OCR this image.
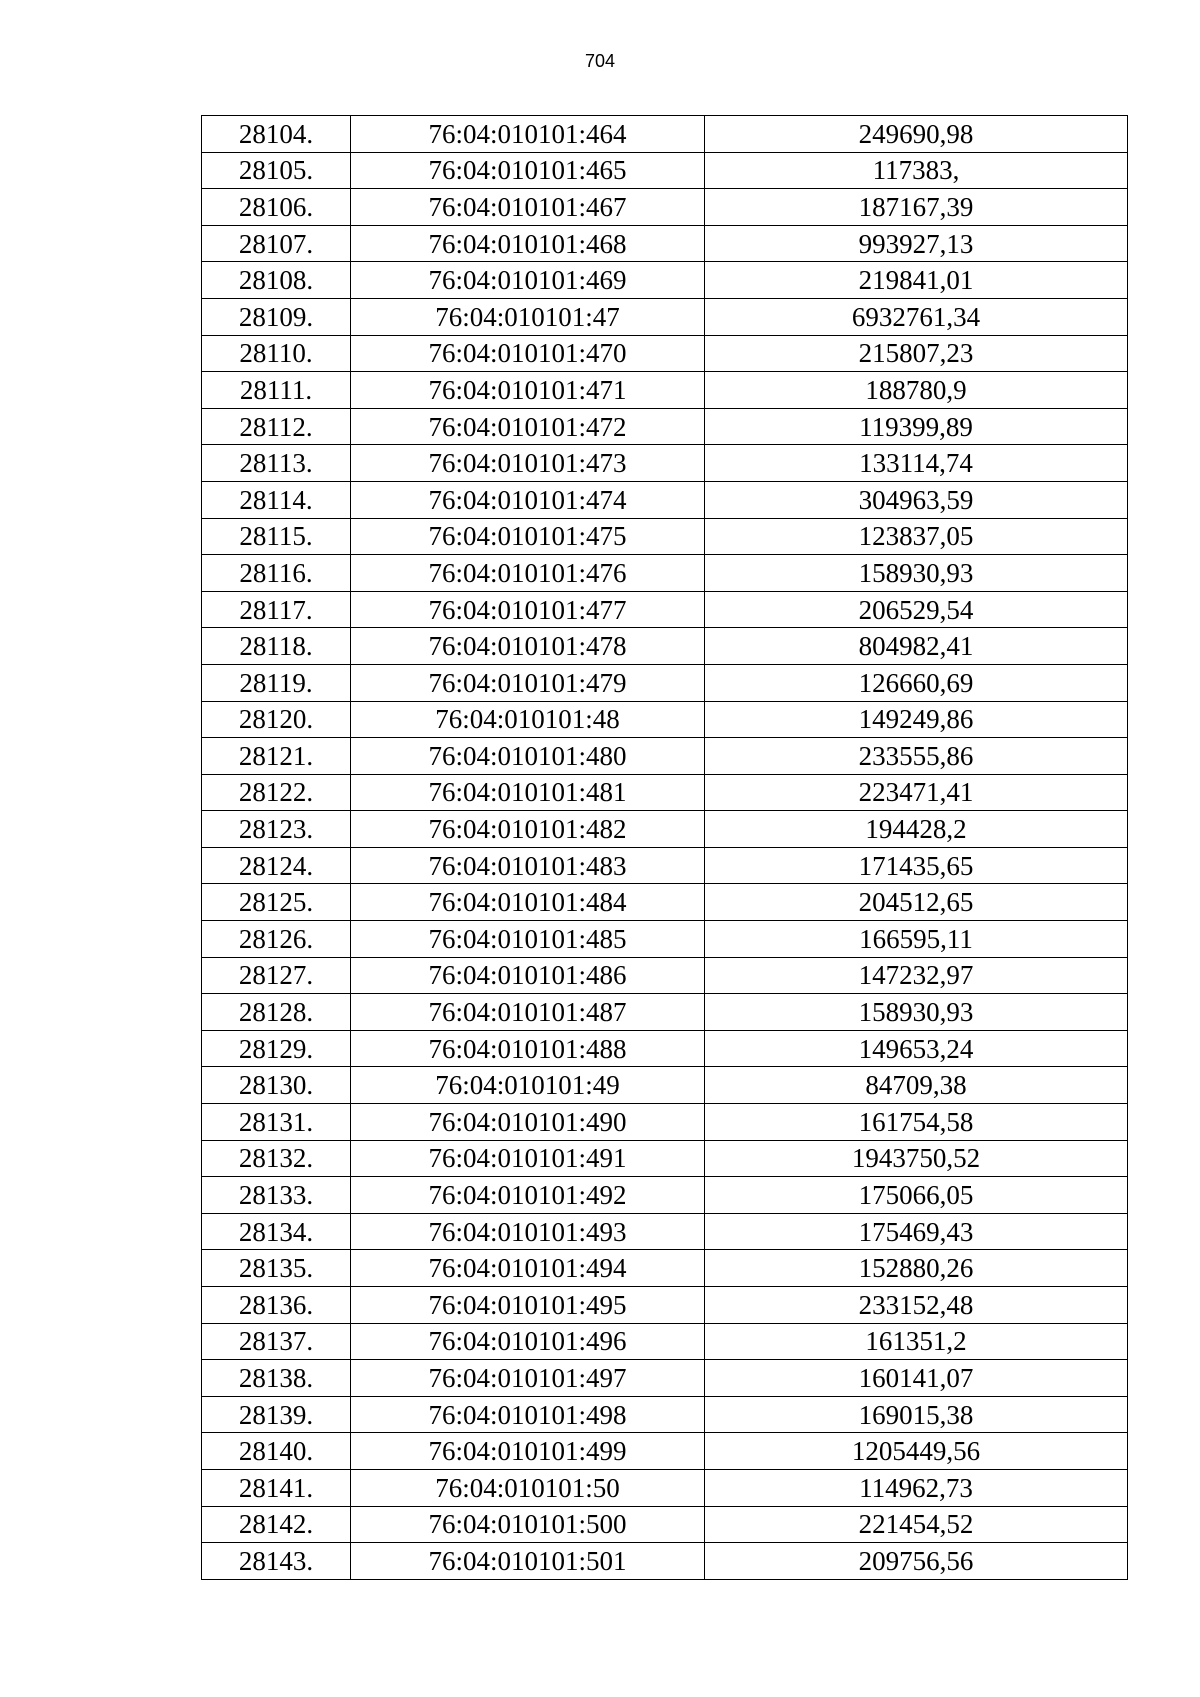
704
28104.	76:04:010101:464	249690,98
28105.	76:04:010101:465	117383,
28106.	76:04:010101:467	187167,39
28107.	76:04:010101:468	993927,13
28108.	76:04:010101:469	219841,01
28109.	76:04:010101:47	6932761,34
28110.	76:04:010101:470	215807,23
28111.	76:04:010101:471	188780,9
28112.	76:04:010101:472	119399,89
28113.	76:04:010101:473	133114,74
28114.	76:04:010101:474	304963,59
28115.	76:04:010101:475	123837,05
28116.	76:04:010101:476	158930,93
28117.	76:04:010101:477	206529,54
28118.	76:04:010101:478	804982,41
28119.	76:04:010101:479	126660,69
28120.	76:04:010101:48	149249,86
28121.	76:04:010101:480	233555,86
28122.	76:04:010101:481	223471,41
28123.	76:04:010101:482	194428,2
28124.	76:04:010101:483	171435,65
28125.	76:04:010101:484	204512,65
28126.	76:04:010101:485	166595,11
28127.	76:04:010101:486	147232,97
28128.	76:04:010101:487	158930,93
28129.	76:04:010101:488	149653,24
28130.	76:04:010101:49	84709,38
28131.	76:04:010101:490	161754,58
28132.	76:04:010101:491	1943750,52
28133.	76:04:010101:492	175066,05
28134.	76:04:010101:493	175469,43
28135.	76:04:010101:494	152880,26
28136.	76:04:010101:495	233152,48
28137.	76:04:010101:496	161351,2
28138.	76:04:010101:497	160141,07
28139.	76:04:010101:498	169015,38
28140.	76:04:010101:499	1205449,56
28141.	76:04:010101:50	114962,73
28142.	76:04:010101:500	221454,52
28143.	76:04:010101:501	209756,56
